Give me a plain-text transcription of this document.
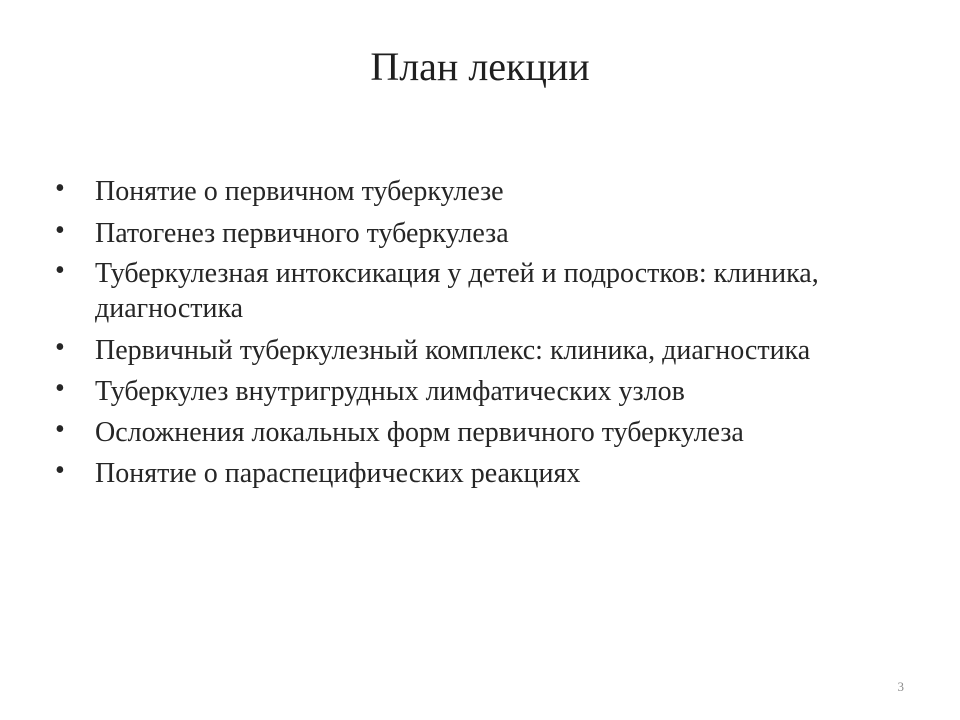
План лекции
• Понятие о первичном туберкулезе
• Патогенез первичного туберкулеза
• Туберкулезная интоксикация у детей и подростков: клиника, диагностика
• Первичный туберкулезный комплекс: клиника, диагностика
• Туберкулез внутригрудных лимфатических узлов
• Осложнения локальных форм первичного туберкулеза
• Понятие о параспецифических реакциях
3
